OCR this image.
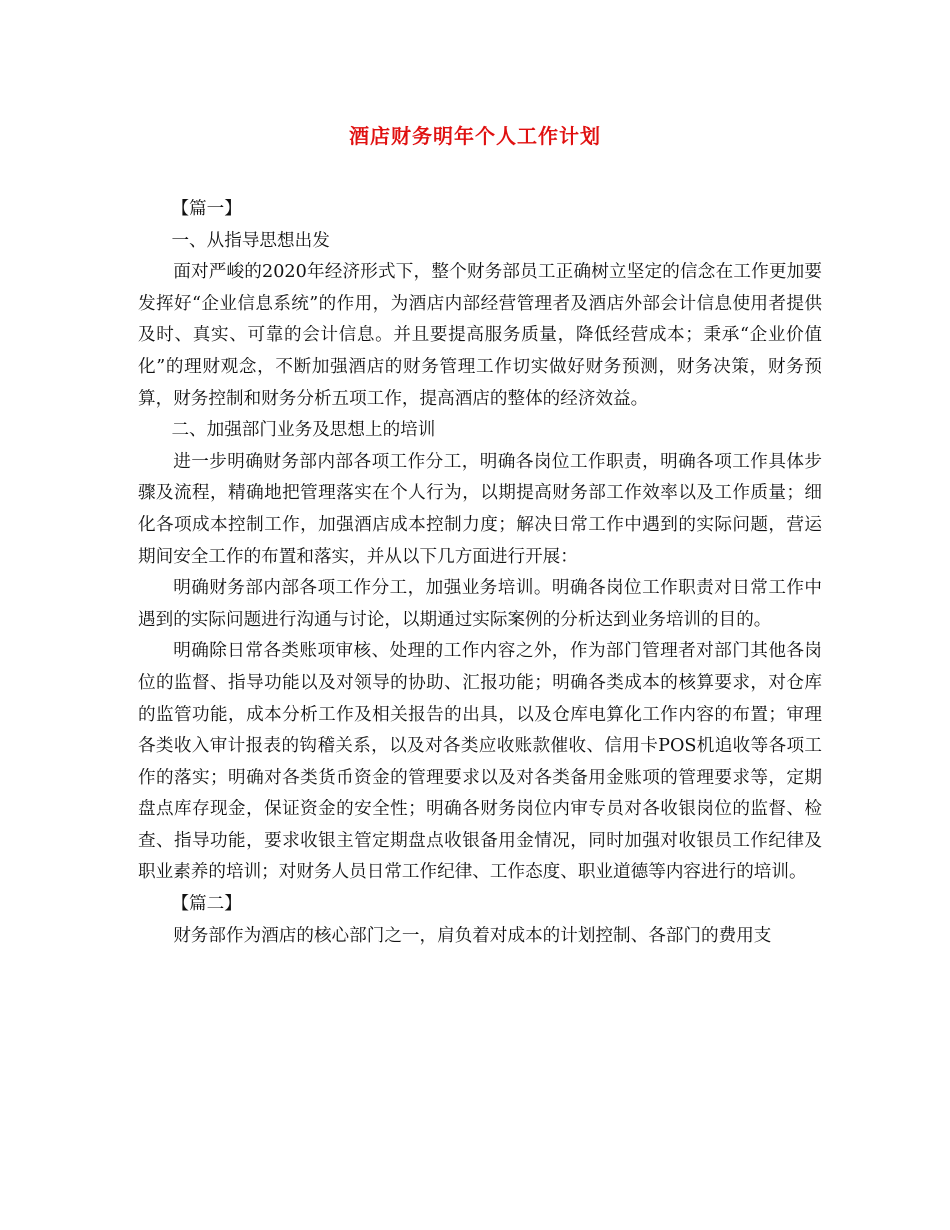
酒店财务明年个人工作计划

【篇一】

一、从指导思想出发

面对严峻的2020年经济形式下，整个财务部员工正确树立坚定的信念在工作更加要发挥好“企业信息系统”的作用，为酒店内部经营管理者及酒店外部会计信息使用者提供及时、真实、可靠的会计信息。并且要提高服务质量，降低经营成本；秉承“企业价值化”的理财观念，不断加强酒店的财务管理工作切实做好财务预测，财务决策，财务预算，财务控制和财务分析五项工作，提高酒店的整体的经济效益。

二、加强部门业务及思想上的培训

进一步明确财务部内部各项工作分工，明确各岗位工作职责，明确各项工作具体步骤及流程，精确地把管理落实在个人行为，以期提高财务部工作效率以及工作质量；细化各项成本控制工作，加强酒店成本控制力度；解决日常工作中遇到的实际问题，营运期间安全工作的布置和落实，并从以下几方面进行开展：

明确财务部内部各项工作分工，加强业务培训。明确各岗位工作职责对日常工作中遇到的实际问题进行沟通与讨论，以期通过实际案例的分析达到业务培训的目的。

明确除日常各类账项审核、处理的工作内容之外，作为部门管理者对部门其他各岗位的监督、指导功能以及对领导的协助、汇报功能；明确各类成本的核算要求，对仓库的监管功能，成本分析工作及相关报告的出具，以及仓库电算化工作内容的布置；审理各类收入审计报表的钩稽关系，以及对各类应收账款催收、信用卡POS机追收等各项工作的落实；明确对各类货币资金的管理要求以及对各类备用金账项的管理要求等，定期盘点库存现金，保证资金的安全性；明确各财务岗位内审专员对各收银岗位的监督、检查、指导功能，要求收银主管定期盘点收银备用金情况，同时加强对收银员工作纪律及职业素养的培训；对财务人员日常工作纪律、工作态度、职业道德等内容进行的培训。

【篇二】

财务部作为酒店的核心部门之一，肩负着对成本的计划控制、各部门的费用支
